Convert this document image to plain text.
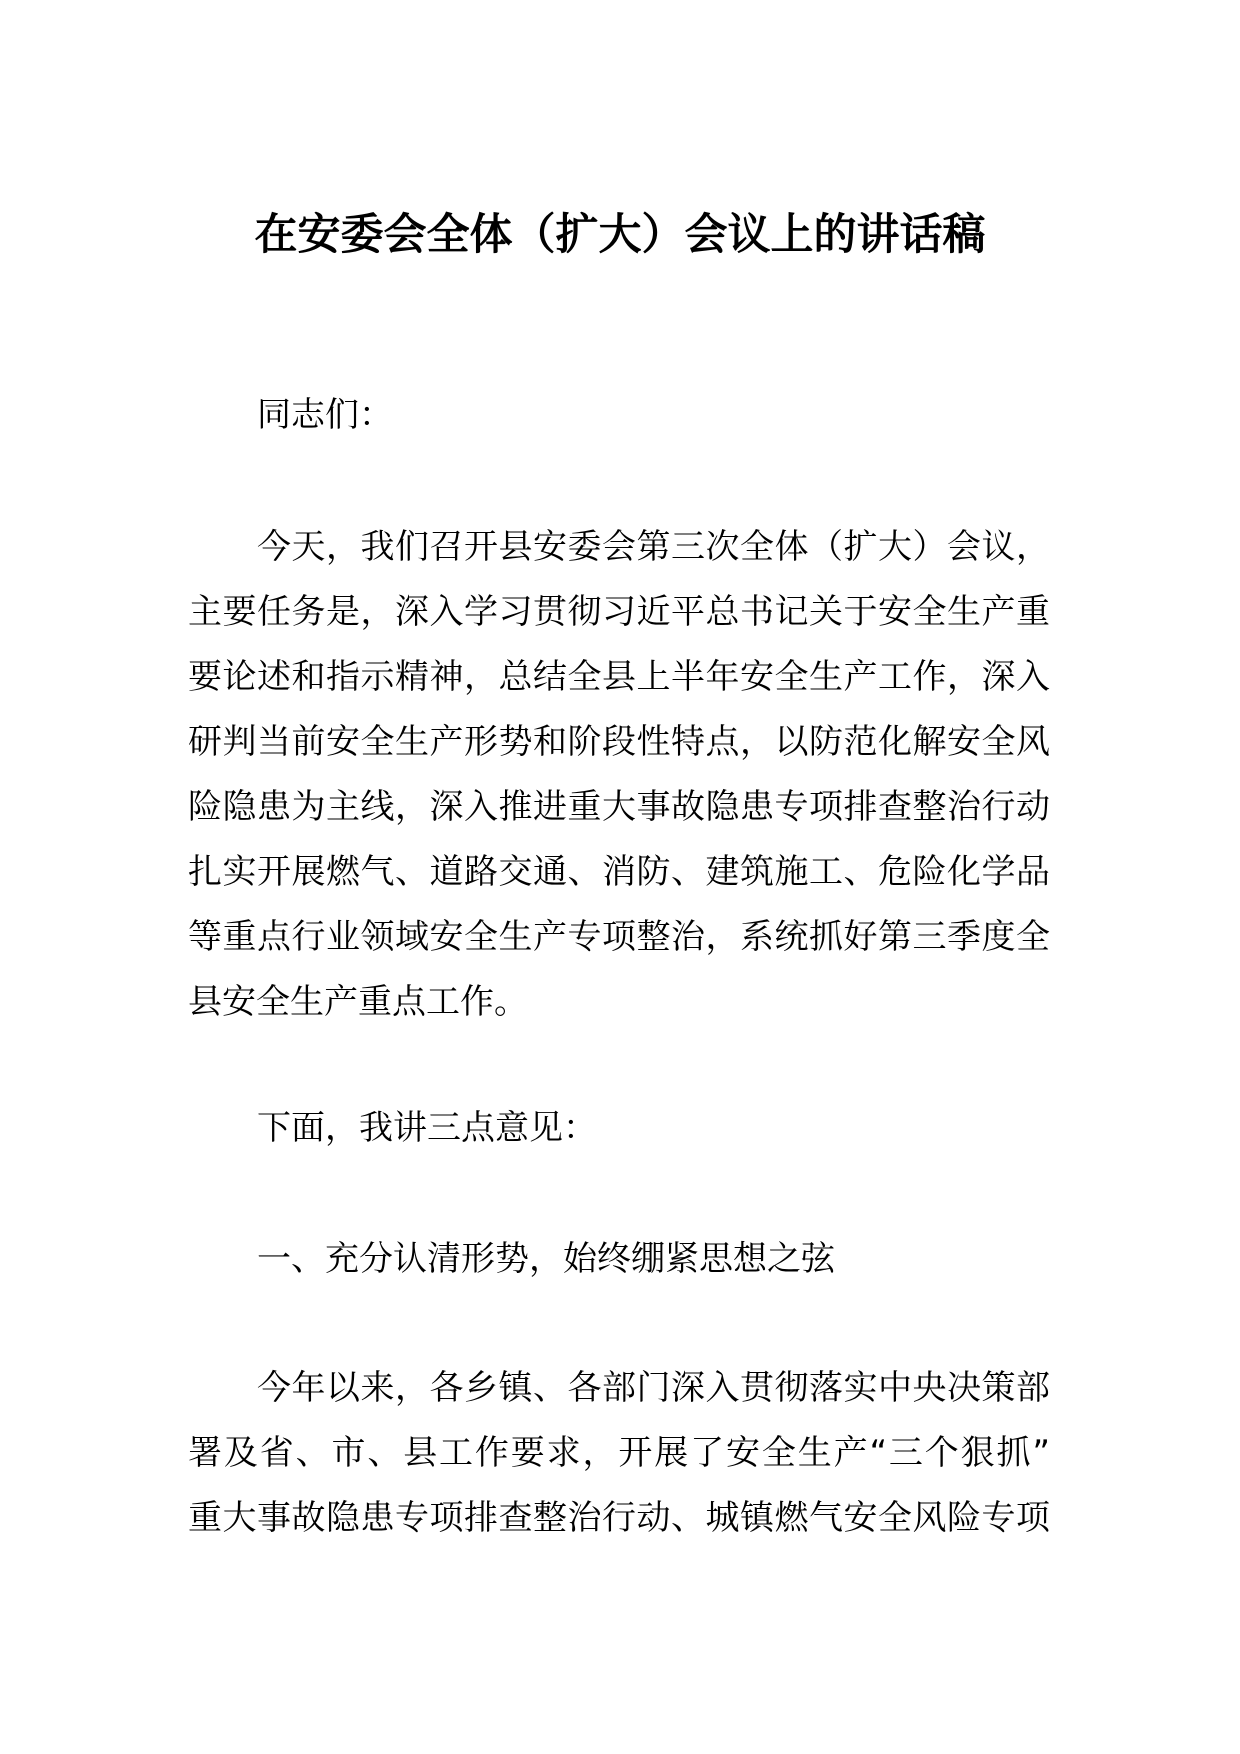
在安委会全体（扩大）会议上的讲话稿
同志们：
今天，我们召开县安委会第三次全体（扩大）会议，
主要任务是，深入学习贯彻习近平总书记关于安全生产重
要论述和指示精神，总结全县上半年安全生产工作，深入
研判当前安全生产形势和阶段性特点，以防范化解安全风
险隐患为主线，深入推进重大事故隐患专项排查整治行动
扎实开展燃气、道路交通、消防、建筑施工、危险化学品
等重点行业领域安全生产专项整治，系统抓好第三季度全
县安全生产重点工作。
下面，我讲三点意见：
一、充分认清形势，始终绷紧思想之弦
今年以来，各乡镇、各部门深入贯彻落实中央决策部
署及省、市、县工作要求，开展了安全生产“三个狠抓”
重大事故隐患专项排查整治行动、城镇燃气安全风险专项
